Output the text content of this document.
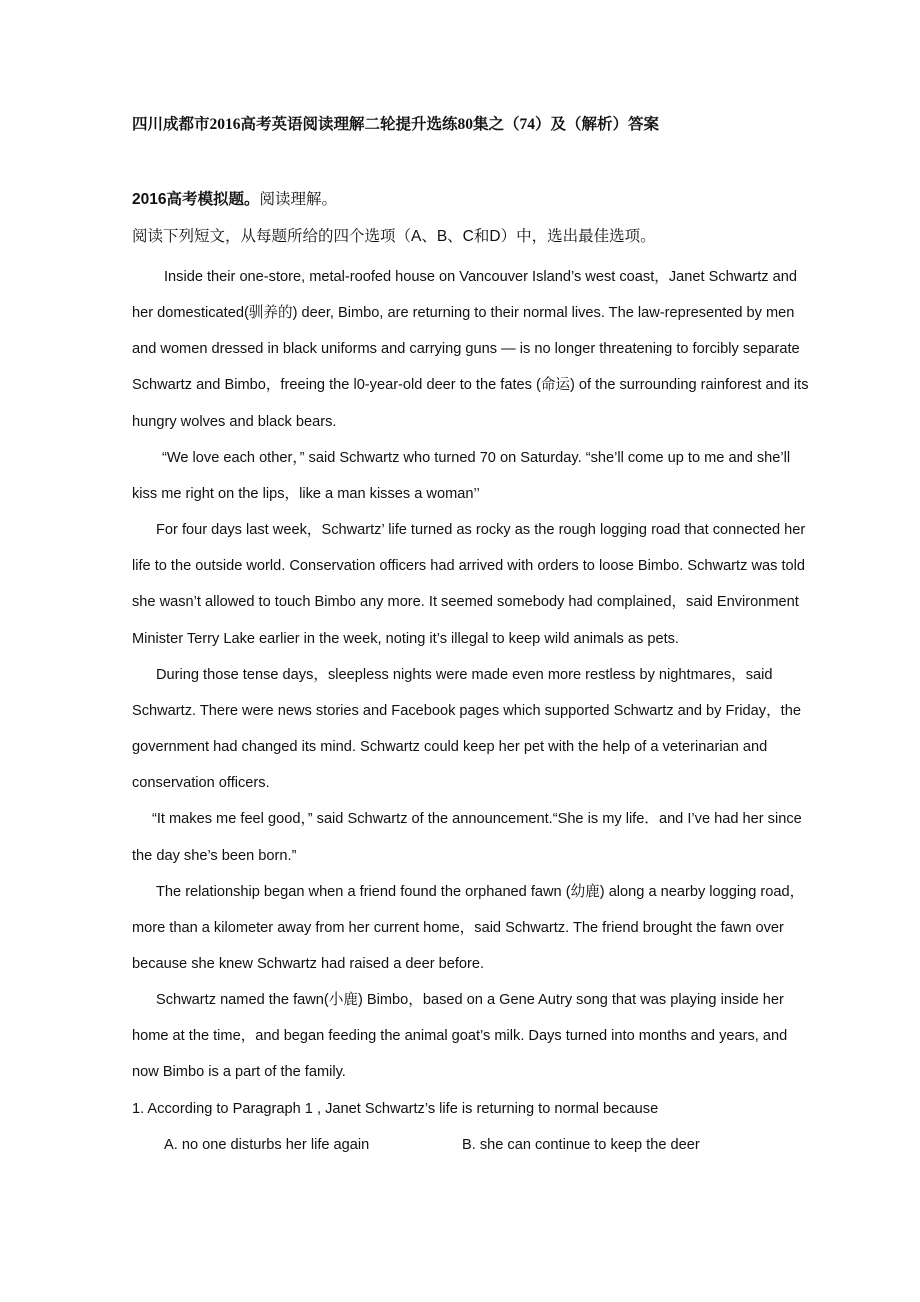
四川成都市2016高考英语阅读理解二轮提升选练80集之（74）及（解析）答案
2016高考模拟题。阅读理解。
阅读下列短文，从每题所给的四个选项（A、B、C和D）中，选出最佳选项。

Inside their one-store, metal-roofed house on Vancouver Island’s west coast，Janet Schwartz and her domesticated(驯养的) deer, Bimbo, are returning to their normal lives. The law-represented by men and women dressed in black uniforms and carrying guns — is no longer threatening to forcibly separate Schwartz and Bimbo，freeing the l0-year-old deer to the fates (命运) of the surrounding rainforest and its hungry wolves and black bears.

“We love each other，” said Schwartz who turned 70 on Saturday. “she’ll come up to me and she’ll kiss me right on the lips，like a man kisses a woman’’

For four days last week，Schwartz’ life turned as rocky as the rough logging road that connected her life to the outside world. Conservation officers had arrived with orders to loose Bimbo. Schwartz was told she wasn’t allowed to touch Bimbo any more. It seemed somebody had complained，said Environment Minister Terry Lake earlier in the week, noting it’s illegal to keep wild animals as pets.

During those tense days，sleepless nights were made even more restless by nightmares，said Schwartz. There were news stories and Facebook pages which supported Schwartz and by Friday，the government had changed its mind. Schwartz could keep her pet with the help of a veterinarian and conservation officers.

“It makes me feel good，” said Schwartz of the announcement.“She is my life．and I’ve had her since the day she’s been born.”

The relationship began when a friend found the orphaned fawn (幼鹿) along a nearby logging road，more than a kilometer away from her current home，said Schwartz. The friend brought the fawn over because she knew Schwartz had raised a deer before.

Schwartz named the fawn(小鹿) Bimbo，based on a Gene Autry song that was playing inside her home at the time，and began feeding the animal goat’s milk. Days turned into months and years, and now Bimbo is a part of the family.

1. According to Paragraph 1 , Janet Schwartz’s life is returning to normal because

A. no one disturbs her life again	B. she can continue to keep the deer
